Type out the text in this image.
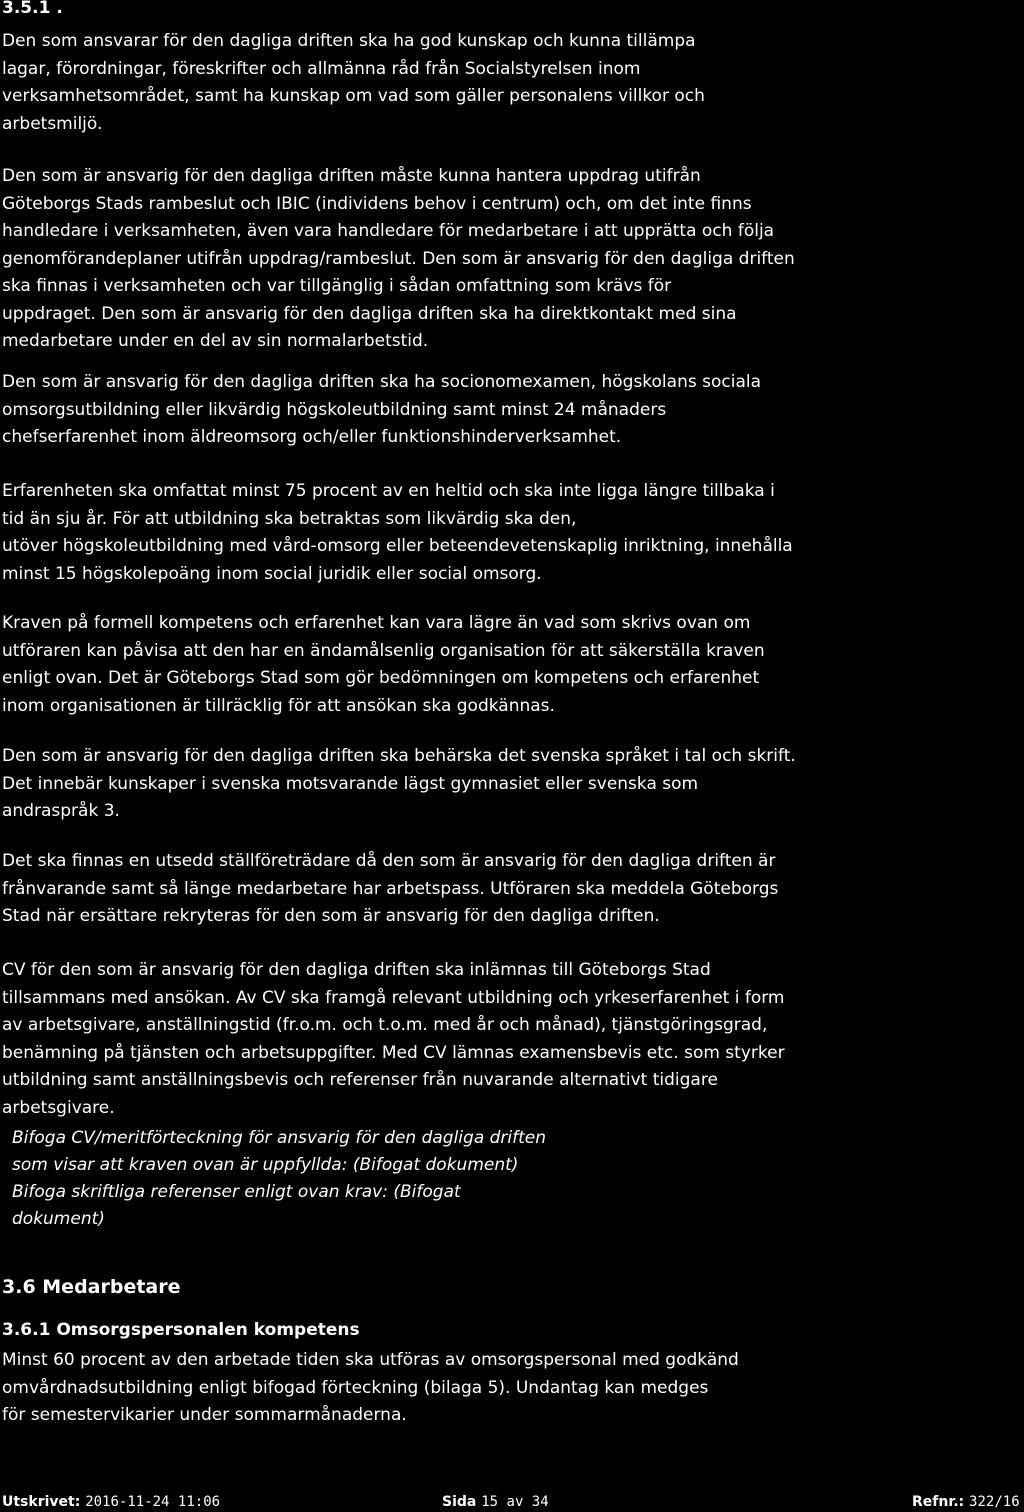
3.5.1 .

Den som ansvarar för den dagliga driften ska ha god kunskap och kunna tillämpa
lagar, förordningar, föreskrifter och allmänna råd från Socialstyrelsen inom
verksamhetsområdet, samt ha kunskap om vad som gäller personalens villkor och
arbetsmiljö.

Den som är ansvarig för den dagliga driften måste kunna hantera uppdrag utifrån
Göteborgs Stads rambeslut och IBIC (individens behov i centrum) och, om det inte finns
handledare i verksamheten, även vara handledare för medarbetare i att upprätta och följa
genomförandeplaner utifrån uppdrag/rambeslut. Den som är ansvarig för den dagliga driften
ska finnas i verksamheten och var tillgänglig i sådan omfattning som krävs för
uppdraget. Den som är ansvarig för den dagliga driften ska ha direktkontakt med sina
medarbetare under en del av sin normalarbetstid.

Den som är ansvarig för den dagliga driften ska ha socionomexamen, högskolans sociala
omsorgsutbildning eller likvärdig högskoleutbildning samt minst 24 månaders
chefserfarenhet inom äldreomsorg och/eller funktionshinderverksamhet.

Erfarenheten ska omfattat minst 75 procent av en heltid och ska inte ligga längre tillbaka i
tid än sju år. För att utbildning ska betraktas som likvärdig ska den,
utöver högskoleutbildning med vård-omsorg eller beteendevetenskaplig inriktning, innehålla
minst 15 högskolepoäng inom social juridik eller social omsorg.

Kraven på formell kompetens och erfarenhet kan vara lägre än vad som skrivs ovan om
utföraren kan påvisa att den har en ändamålsenlig organisation för att säkerställa kraven
enligt ovan. Det är Göteborgs Stad som gör bedömningen om kompetens och erfarenhet
inom organisationen är tillräcklig för att ansökan ska godkännas.

Den som är ansvarig för den dagliga driften ska behärska det svenska språket i tal och skrift.
Det innebär kunskaper i svenska motsvarande lägst gymnasiet eller svenska som
andraspråk 3.

Det ska finnas en utsedd ställföreträdare då den som är ansvarig för den dagliga driften är
frånvarande samt så länge medarbetare har arbetspass. Utföraren ska meddela Göteborgs
Stad när ersättare rekryteras för den som är ansvarig för den dagliga driften.

CV för den som är ansvarig för den dagliga driften ska inlämnas till Göteborgs Stad
tillsammans med ansökan. Av CV ska framgå relevant utbildning och yrkeserfarenhet i form
av arbetsgivare, anställningstid (fr.o.m. och t.o.m. med år och månad), tjänstgöringsgrad,
benämning på tjänsten och arbetsuppgifter. Med CV lämnas examensbevis etc. som styrker
utbildning samt anställningsbevis och referenser från nuvarande alternativt tidigare
arbetsgivare.

Bifoga CV/meritförteckning för ansvarig för den dagliga driften
som visar att kraven ovan är uppfyllda: (Bifogat dokument)
Bifoga skriftliga referenser enligt ovan krav: (Bifogat
dokument)

3.6 Medarbetare
3.6.1 Omsorgspersonalen kompetens

Minst 60 procent av den arbetade tiden ska utföras av omsorgspersonal med godkänd
omvårdnadsutbildning enligt bifogad förteckning (bilaga 5). Undantag kan medges
för semestervikarier under sommarmånaderna.

Utskrivet: 2016-11-24 11:06	Sida 15 av 34	Refnr.: 322/16
